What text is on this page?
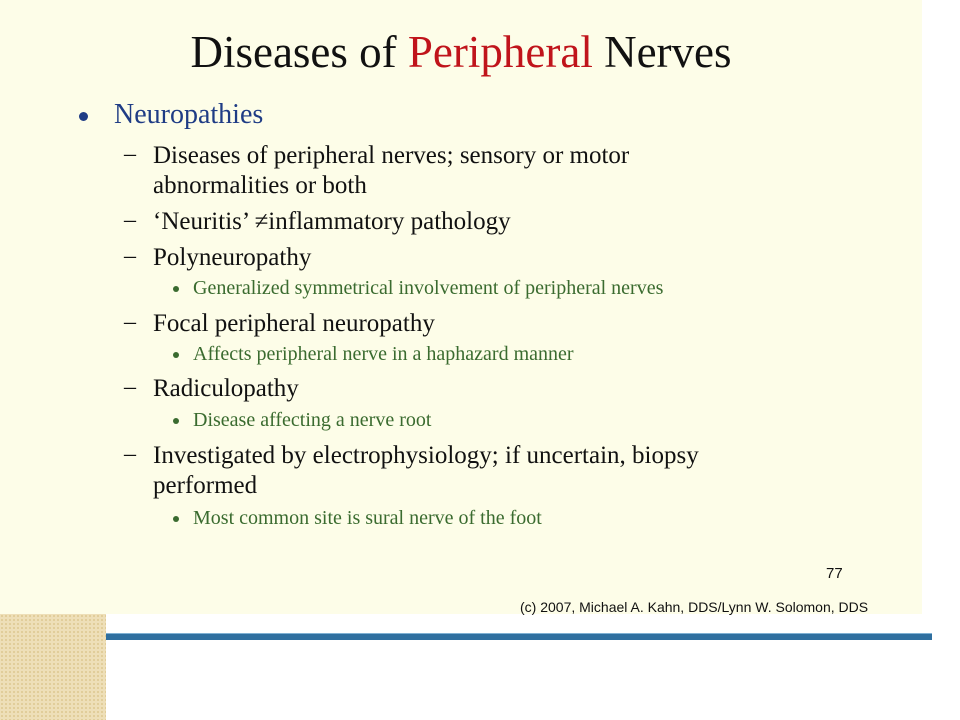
Diseases of Peripheral Nerves
Neuropathies
– Diseases of peripheral nerves; sensory or motor
abnormalities or both
– ‘Neuritis’ ≠inflammatory pathology
– Polyneuropathy
Generalized symmetrical involvement of peripheral nerves
– Focal peripheral neuropathy
Affects peripheral nerve in a haphazard manner
– Radiculopathy
Disease affecting a nerve root
– Investigated by electrophysiology; if uncertain, biopsy
performed
Most common site is sural nerve of the foot
77
(c) 2007, Michael A. Kahn, DDS/Lynn W. Solomon, DDS
